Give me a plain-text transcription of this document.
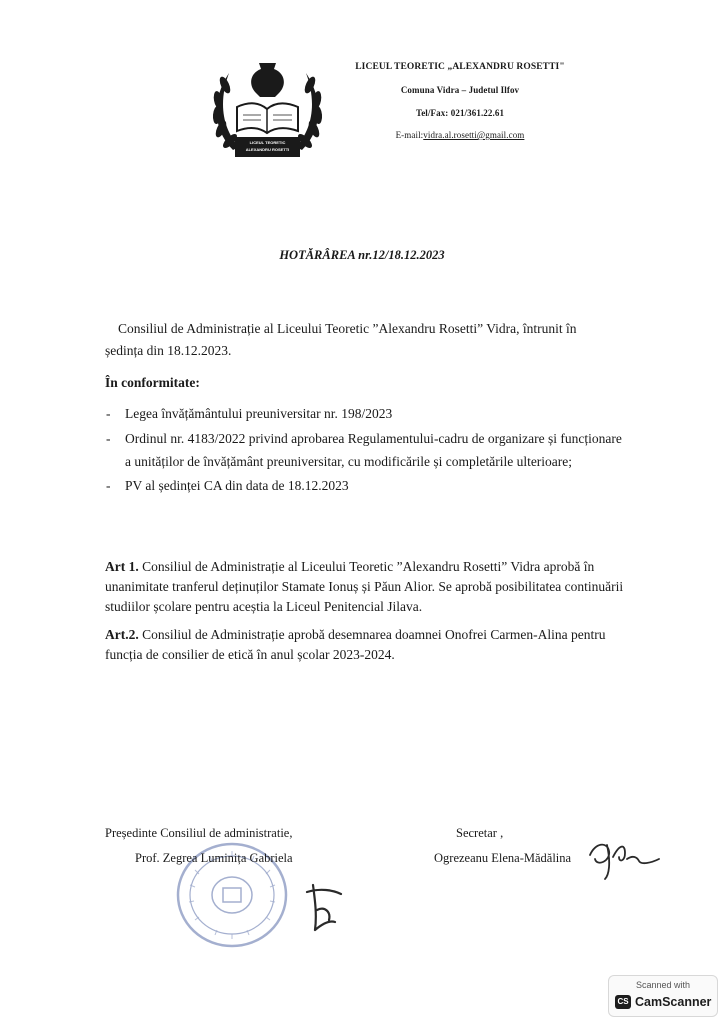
LICEUL TEORETIC ALEXANDRU ROSETTI
LICEUL TEORETIC „ALEXANDRU ROSETTI"
Comuna Vidra – Judetul Ilfov
Tel/Fax: 021/361.22.61
E-mail:vidra.al.rosetti@gmail.com
HOTĂRÂREA nr.12/18.12.2023
Consiliul de Administrație al Liceului Teoretic ”Alexandru Rosetti” Vidra, întrunit în
ședința din 18.12.2023.
În conformitate:
- Legea învățământului preuniversitar nr. 198/2023
- Ordinul nr. 4183/2022 privind aprobarea Regulamentului-cadru de organizare și funcționare a unităților de învățământ preuniversitar, cu modificările și completările ulterioare;
- PV al ședinței CA din data de 18.12.2023
Art 1. Consiliul de Administrație al Liceului Teoretic ”Alexandru Rosetti” Vidra aprobă în unanimitate tranferul deținuților Stamate Ionuș și Păun Alior. Se aprobă posibilitatea continuării studiilor școlare pentru aceștia la Liceul Penitencial Jilava.
Art.2. Consiliul de Administrație aprobă desemnarea doamnei Onofrei Carmen-Alina pentru funcția de consilier de etică în anul școlar 2023-2024.
Președinte Consiliul de administratie,
Prof. Zegrea Luminița Gabriela
Secretar ,
Ogrezeanu Elena-Mădălina
Scanned with
CS CamScanner
